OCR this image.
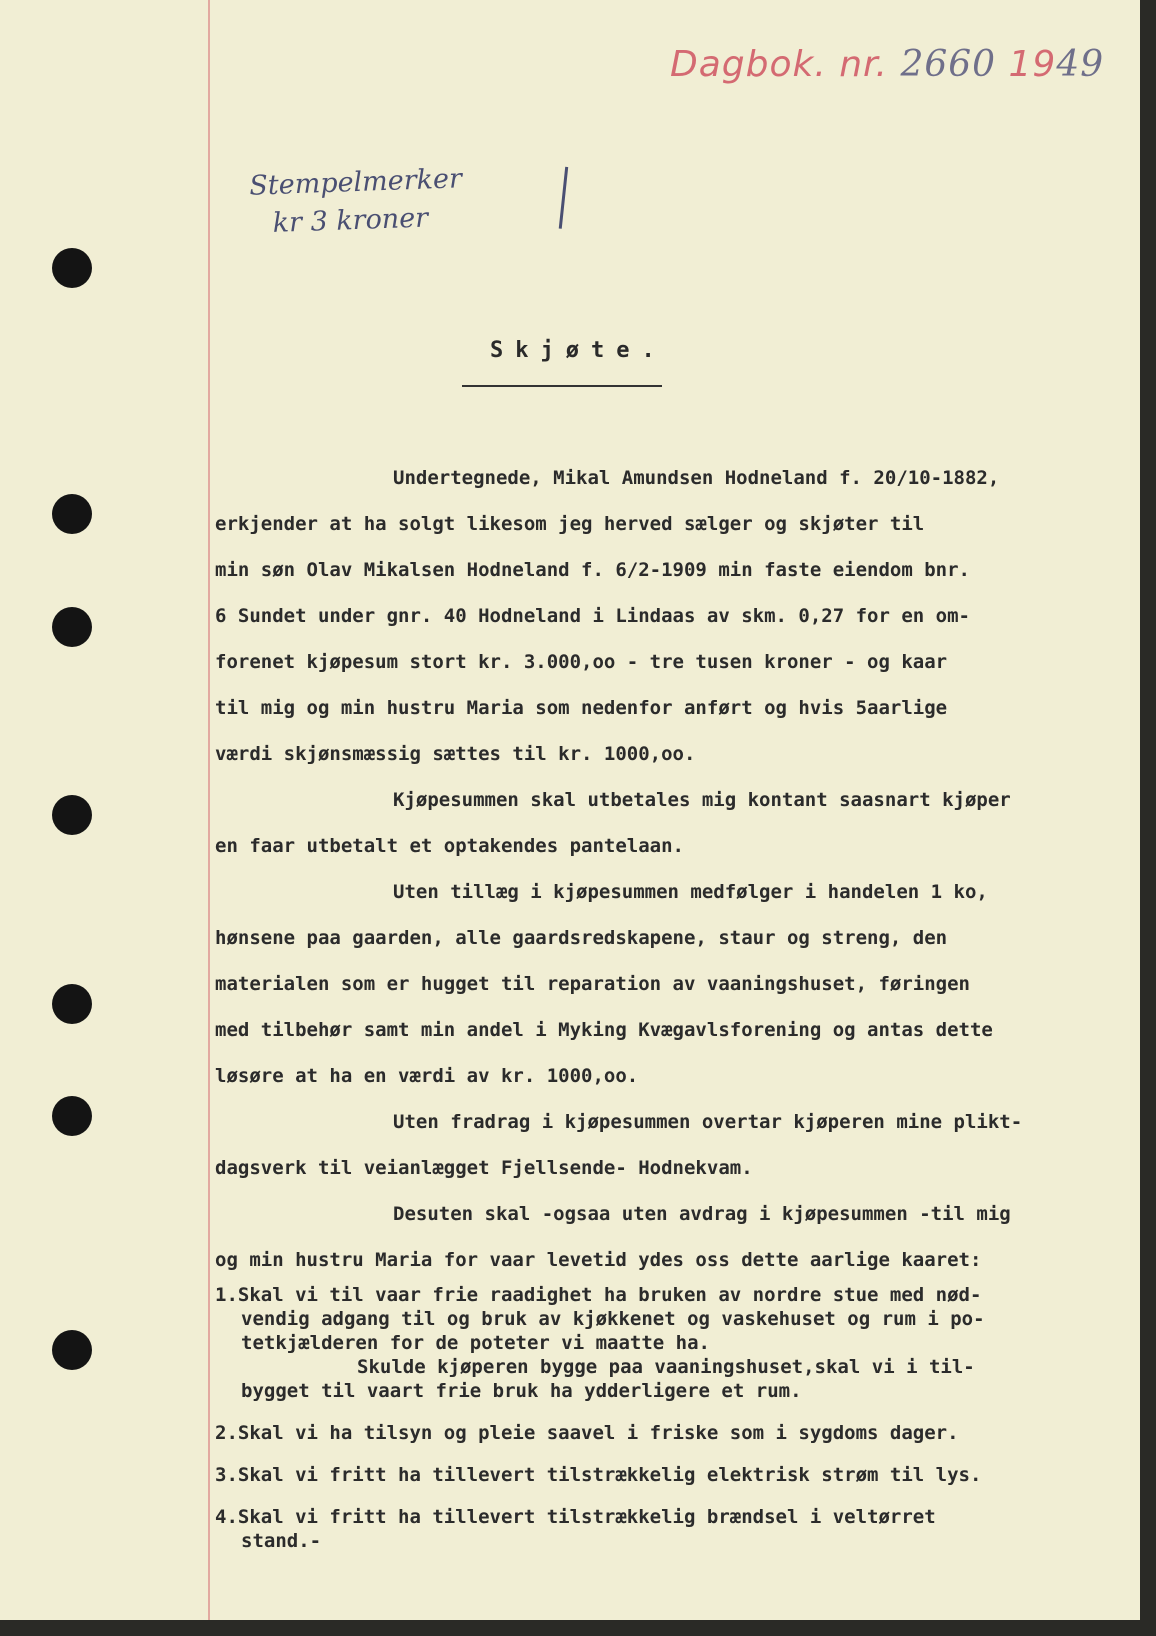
Dagbok. nr. 2660 1949
Stempelmerker
kr 3 kroner
Skjøte.

Undertegnede, Mikal Amundsen Hodneland f. 20/10-1882,

erkjender at ha solgt likesom jeg herved sælger og skjøter til

min søn Olav Mikalsen Hodneland f. 6/2-1909 min faste eiendom bnr.

6 Sundet under gnr. 40 Hodneland i Lindaas av skm. 0,27 for en om-

forenet kjøpesum stort kr. 3.000,oo - tre tusen kroner - og kaar

til mig og min hustru Maria som nedenfor anført og hvis 5aarlige

værdi skjønsmæssig sættes til kr. 1000,oo.

Kjøpesummen skal utbetales mig kontant saasnart kjøper

en faar utbetalt et optakendes pantelaan.

Uten tillæg i kjøpesummen medfølger i handelen 1 ko,

hønsene paa gaarden, alle gaardsredskapene, staur og streng, den

materialen som er hugget til reparation av vaaningshuset, føringen

med tilbehør samt min andel i Myking Kvægavlsforening og antas dette

løsøre at ha en værdi av kr. 1000,oo.

Uten fradrag i kjøpesummen overtar kjøperen mine plikt-

dagsverk til veianlægget Fjellsende- Hodnekvam.

Desuten skal -ogsaa uten avdrag i kjøpesummen -til mig

og min hustru Maria for vaar levetid ydes oss dette aarlige kaaret:

1.Skal vi til vaar frie raadighet ha bruken av nordre stue med nød-

vendig adgang til og bruk av kjøkkenet og vaskehuset og rum i po-

tetkjælderen for de poteter vi maatte ha.

Skulde kjøperen bygge paa vaaningshuset,skal vi i til-

bygget til vaart frie bruk ha ydderligere et rum.

2.Skal vi ha tilsyn og pleie saavel i friske som i sygdoms dager.

3.Skal vi fritt ha tillevert tilstrækkelig elektrisk strøm til lys.

4.Skal vi fritt ha tillevert tilstrækkelig brændsel i veltørret

stand.-
